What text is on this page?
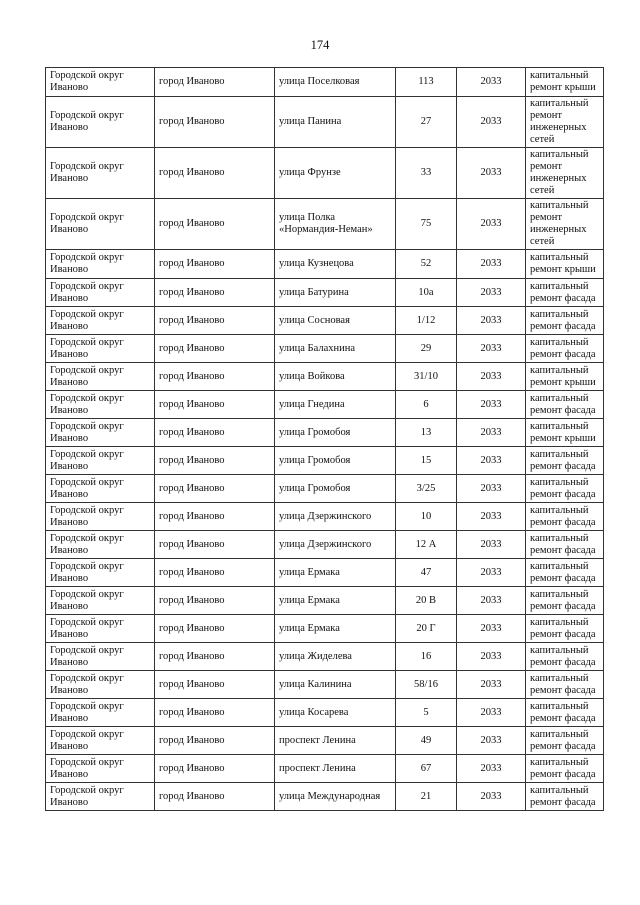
174
Городской округ Иваново	город Иваново	улица Поселковая	113	2033	капитальный ремонт крыши
Городской округ Иваново	город Иваново	улица Панина	27	2033	капитальный ремонт инженерных сетей
Городской округ Иваново	город Иваново	улица Фрунзе	33	2033	капитальный ремонт инженерных сетей
Городской округ Иваново	город Иваново	улица Полка «Нормандия-Неман»	75	2033	капитальный ремонт инженерных сетей
Городской округ Иваново	город Иваново	улица Кузнецова	52	2033	капитальный ремонт крыши
Городской округ Иваново	город Иваново	улица Батурина	10а	2033	капитальный ремонт фасада
Городской округ Иваново	город Иваново	улица Сосновая	1/12	2033	капитальный ремонт фасада
Городской округ Иваново	город Иваново	улица Балахнина	29	2033	капитальный ремонт фасада
Городской округ Иваново	город Иваново	улица Войкова	31/10	2033	капитальный ремонт крыши
Городской округ Иваново	город Иваново	улица Гнедина	6	2033	капитальный ремонт фасада
Городской округ Иваново	город Иваново	улица Громобоя	13	2033	капитальный ремонт крыши
Городской округ Иваново	город Иваново	улица Громобоя	15	2033	капитальный ремонт фасада
Городской округ Иваново	город Иваново	улица Громобоя	3/25	2033	капитальный ремонт фасада
Городской округ Иваново	город Иваново	улица Дзержинского	10	2033	капитальный ремонт фасада
Городской округ Иваново	город Иваново	улица Дзержинского	12 А	2033	капитальный ремонт фасада
Городской округ Иваново	город Иваново	улица Ермака	47	2033	капитальный ремонт фасада
Городской округ Иваново	город Иваново	улица Ермака	20 В	2033	капитальный ремонт фасада
Городской округ Иваново	город Иваново	улица Ермака	20 Г	2033	капитальный ремонт фасада
Городской округ Иваново	город Иваново	улица Жиделева	16	2033	капитальный ремонт фасада
Городской округ Иваново	город Иваново	улица Калинина	58/16	2033	капитальный ремонт фасада
Городской округ Иваново	город Иваново	улица Косарева	5	2033	капитальный ремонт фасада
Городской округ Иваново	город Иваново	проспект Ленина	49	2033	капитальный ремонт фасада
Городской округ Иваново	город Иваново	проспект Ленина	67	2033	капитальный ремонт фасада
Городской округ Иваново	город Иваново	улица Международная	21	2033	капитальный ремонт фасада
